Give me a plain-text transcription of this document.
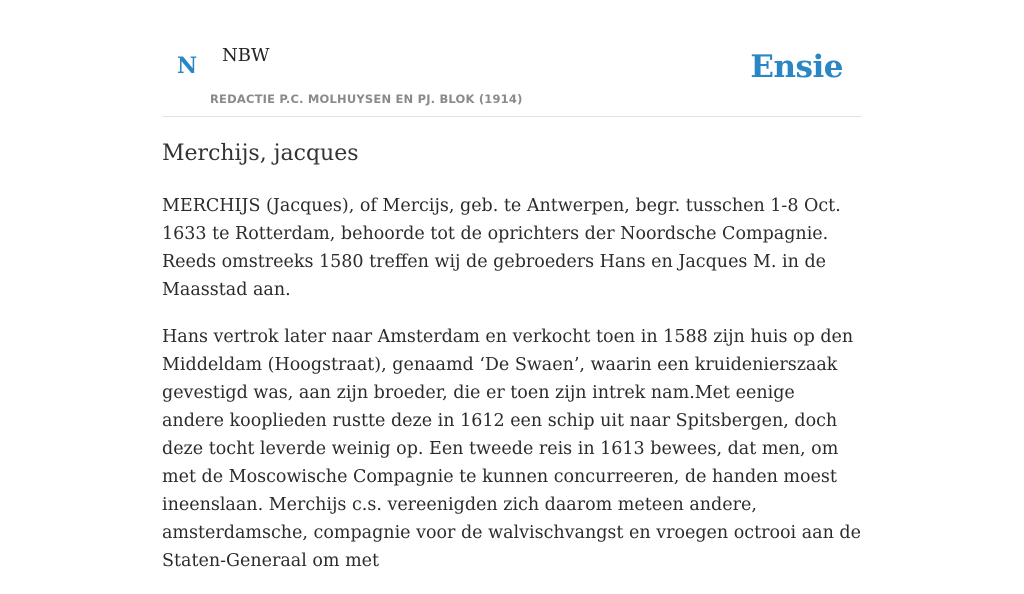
N NBW
REDACTIE P.C. MOLHUYSEN EN PJ. BLOK (1914)
Ensie
Merchijs, jacques

MERCHIJS (Jacques), of Mercijs, geb. te Antwerpen, begr. tusschen 1-8 Oct. 1633 te Rotterdam, behoorde tot de oprichters der Noordsche Compagnie. Reeds omstreeks 1580 treffen wij de gebroeders Hans en Jacques M. in de Maasstad aan.

Hans vertrok later naar Amsterdam en verkocht toen in 1588 zijn huis op den Middeldam (Hoogstraat), genaamd ‘De Swaen’, waarin een kruidenierszaak gevestigd was, aan zijn broeder, die er toen zijn intrek nam.Met eenige andere kooplieden rustte deze in 1612 een schip uit naar Spitsbergen, doch deze tocht leverde weinig op. Een tweede reis in 1613 bewees, dat men, om met de Moscowische Compagnie te kunnen concurreeren, de handen moest ineenslaan. Merchijs c.s. vereenigden zich daarom meteen andere, amsterdamsche, compagnie voor de walvischvangst en vroegen octrooi aan de Staten-Generaal om met
